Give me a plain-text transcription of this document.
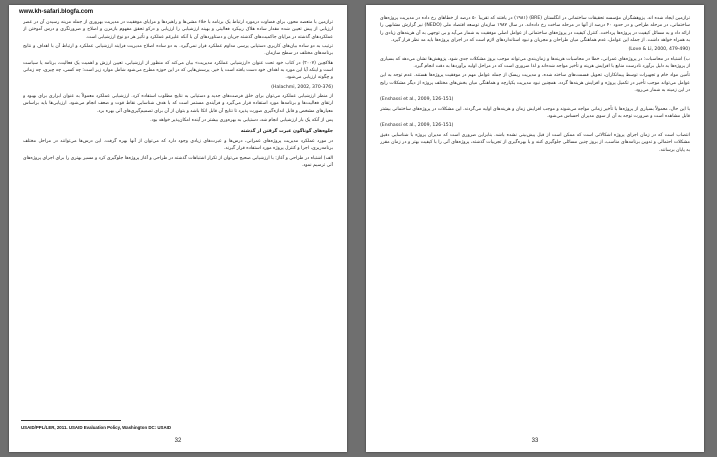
www.kh-safari.blogfa.com

ترازمین با متعصه محور، برای فضاوت درمورد ارتباط یک برنامه با خلاء مشی‌ها و راهبردها و مزایای موفقیت در مدیریت بهروری از جمله مزینه رسیدن آن در عصر ارزیابی از پیش تعیین شده مقدار ساده هلاک ربیکرد فعالیتی و بهینه ارزشیابی را ارزیابی و درکو تحقق مفهوم بازمزن و اصلاح و ضرورتگری و درس آموختن از عملکردهای گذشته در مزایای جاکمیت‌های گذشته جریان و دستاوردهای آن با آنکه علیرغم عملکرد و تأثیر هر دو نوع ارزشیابی است.

ترتیب به دو ساده بیان‌های کاربری دستیابی پرسی مداوم عملکرد قرار نمی‌گیرد. به دو ساده اصلاح مدیریت فرایند ارزشیابی عملکرد و ارتباط آن با اهداف و نتایج برنامه‌های مختلف در سطح سازمان.

هلاکچین (۲۰۰۷) در کتاب خود تحت عنوان «ارزشیابی عملکرد مدیریت» بیان می‌کند که منظور از ارزشیابی، تعیین ارزش و اهمیت یک فعالیت، برنامه یا سیاست است و اینکه آیا این مورد به اهداف خود دست یافته است یا خیر. پرسش‌هایی که در این حوزه مطرح می‌شود شامل موارد زیر است: چه کسی، چه چیزی، چه زمانی و چگونه ارزیابی می‌شود.

(Halachmi, 2002, 370-376)

از منظر ارزشیابی عملکرد می‌توان برای خلق فرصت‌های جدید و دستیابی به نتایج مطلوب استفاده کرد. ارزشیابی عملکرد معمولاً به عنوان ابزاری برای بهبود و ارتقای فعالیت‌ها و برنامه‌ها مورد استفاده قرار می‌گیرد و فرآیندی مستمر است که با هدف شناسایی نقاط قوت و ضعف انجام می‌شود. ارزیابی‌ها باید براساس معیارهای مشخص و قابل اندازه‌گیری صورت پذیرد تا نتایج آن قابل اتکا باشد و بتوان از آن برای تصمیم‌گیری‌های آتی بهره برد.

پس از آنکه یک بار ارزشیابی انجام شد، دستیابی به بهره‌وری بیشتر در آینده امکان‌پذیر خواهد بود.

جلوه‌های گوناگون عبرت گرفتن از گذشته

در مورد عملکرد مدیریت پروژه‌های عمرانی، درس‌ها و عبرت‌های زیادی وجود دارد که می‌توان از آنها بهره گرفت. این درس‌ها می‌توانند در مراحل مختلف برنامه‌ریزی، اجرا و کنترل پروژه مورد استفاده قرار گیرند.

الف) اشتباه در طراحی و آغاز: با ارزشیابی صحیح می‌توان از تکرار اشتباهات گذشته در طراحی و آغاز پروژه‌ها جلوگیری کرد و مسیر بهتری را برای اجرای پروژه‌های آتی ترسیم نمود.

USAID/PPL/LER, 2011. USAID Evaluation Policy, Washington DC: USAID
32

ترازمین ایجاد شده اند. پژوهشگران مؤسسه تحقیقات ساختمانی در انگلستان (BRE) (۱۹۸۱) در یافتند که تقریباً ۵۰ درصد از خطاهای رخ داده در مدیریت پروژه‌های ساختمانی، در مرحله طراحی و در حدود ۴۰ درصد از آنها در مرحله ساخت رخ داده‌اند. در سال ۱۹۸۷ سازمان توسعه اقتصاد ملی (NEDO) نیز گزارش مشابهی را ارائه داد و به مسائل کیفیت در پروژه‌ها پرداخت. کنترل کیفیت در پروژه‌های ساختمانی از عوامل اصلی موفقیت به شمار می‌آید و بی توجهی به آن هزینه‌های زیادی را به همراه خواهد داشت. از جمله این عوامل، عدم هماهنگی میان طراحان و مجریان و نبود استانداردهای لازم است که در اجرای پروژه‌ها باید مد نظر قرار گیرد.

(Love & Li, 2000, 479-490)

ب) اشتباه در محاسبات: در پروژه‌های عمرانی، خطا در محاسبات هزینه‌ها و زمان‌بندی می‌تواند موجب بروز مشکلات جدی شود. پژوهش‌ها نشان می‌دهد که بسیاری از پروژه‌ها به دلیل برآورد نادرست منابع با افزایش هزینه و تأخیر مواجه شده‌اند و لذا ضروری است که در مراحل اولیه برآوردها به دقت انجام گیرد.

تأمین مواد خام و تجهیزات توسط پیمانکاران، تحویل قسمت‌های ساخته شده، و مدیریت ریسک از جمله عوامل مهم در موفقیت پروژه‌ها هستند. عدم توجه به این عوامل می‌تواند موجب تأخیر در تکمیل پروژه و افزایش هزینه‌ها گردد. همچنین نبود مدیریت یکپارچه و هماهنگی میان بخش‌های مختلف پروژه از دیگر مشکلات رایج در این زمینه به شمار می‌رود.

(Enshassi et al., 2009, 126-151)

با این حال، معمولاً بسیاری از پروژه‌ها با تأخیر زمانی مواجه می‌شوند و موجب افزایش زمان و هزینه‌های اولیه می‌گردند. این مشکلات در پروژه‌های ساختمانی بیشتر قابل مشاهده است و ضرورت توجه به آن از سوی مدیران احساس می‌شود.

(Enshassi et al., 2009, 126-151)

انتصاب است که در زمان اجرای پروژه اشکالاتی است که ممکن است از قبل پیش‌بینی نشده باشد. بنابراین ضروری است که مدیران پروژه با شناسایی دقیق مشکلات احتمالی و تدوین برنامه‌های مناسب، از بروز چنین مسائلی جلوگیری کنند و با بهره‌گیری از تجربیات گذشته، پروژه‌های آتی را با کیفیت بهتر و در زمان مقرر به پایان برسانند.

33
